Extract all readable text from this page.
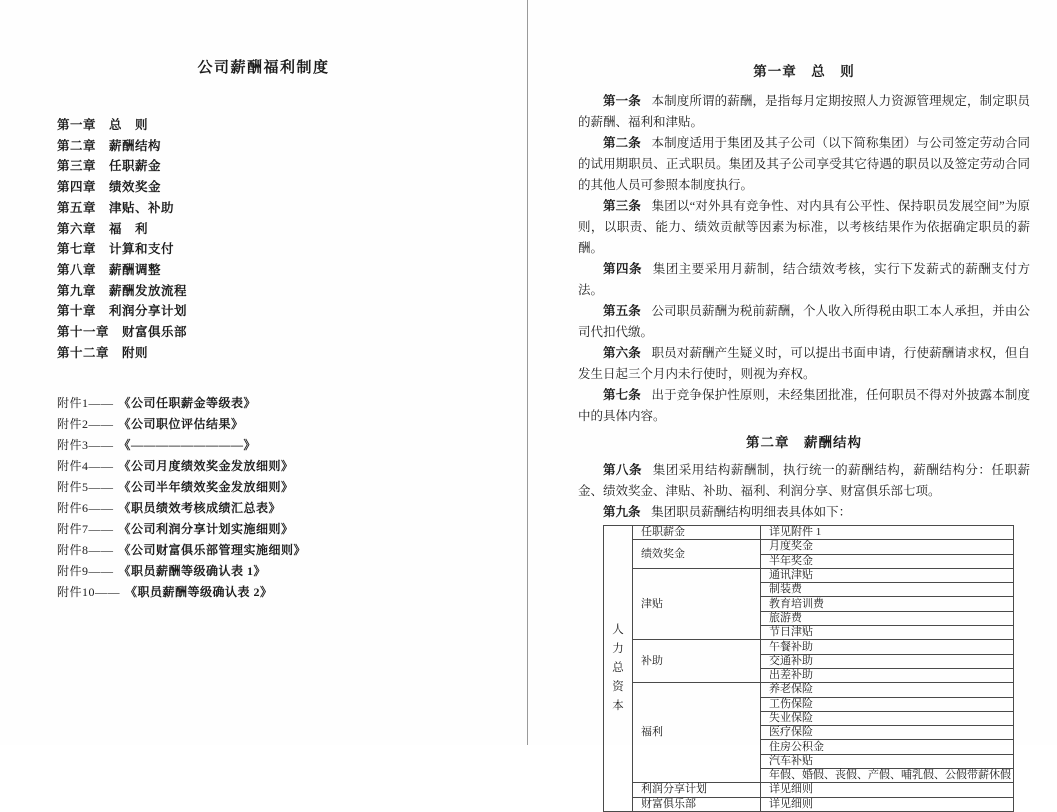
公司薪酬福利制度
第一章　总　则
第二章　薪酬结构
第三章　任职薪金
第四章　绩效奖金
第五章　津贴、补助
第六章　福　利
第七章　计算和支付
第八章　薪酬调整
第九章　薪酬发放流程
第十章　利润分享计划
第十一章　财富俱乐部
第十二章　附则
附件1—— 《公司任职薪金等级表》
附件2—— 《公司职位评估结果》
附件3—— 《—————————》
附件4—— 《公司月度绩效奖金发放细则》
附件5—— 《公司半年绩效奖金发放细则》
附件6—— 《职员绩效考核成绩汇总表》
附件7—— 《公司利润分享计划实施细则》
附件8—— 《公司财富俱乐部管理实施细则》
附件9—— 《职员薪酬等级确认表 1》
附件10—— 《职员薪酬等级确认表 2》
第一章　总　则

第一条 本制度所谓的薪酬，是指每月定期按照人力资源管理规定，制定职员的薪酬、福利和津贴。

第二条 本制度适用于集团及其子公司（以下简称集团）与公司签定劳动合同的试用期职员、正式职员。集团及其子公司享受其它待遇的职员以及签定劳动合同的其他人员可参照本制度执行。

第三条 集团以“对外具有竞争性、对内具有公平性、保持职员发展空间”为原则，以职责、能力、绩效贡献等因素为标准，以考核结果作为依据确定职员的薪酬。

第四条 集团主要采用月薪制，结合绩效考核，实行下发薪式的薪酬支付方法。

第五条 公司职员薪酬为税前薪酬，个人收入所得税由职工本人承担，并由公司代扣代缴。

第六条 职员对薪酬产生疑义时，可以提出书面申请，行使薪酬请求权，但自发生日起三个月内未行使时，则视为弃权。

第七条 出于竞争保护性原则，未经集团批准，任何职员不得对外披露本制度中的具体内容。

第二章　薪酬结构

第八条 集团采用结构薪酬制，执行统一的薪酬结构，薪酬结构分：任职薪金、绩效奖金、津贴、补助、福利、利润分享、财富俱乐部七项。

第九条 集团职员薪酬结构明细表具体如下：

人
力
总
资
本	任职薪金	详见附件 1
	绩效奖金	月度奖金
		半年奖金
	津贴	通讯津贴
		制装费
		教育培训费
		旅游费
		节日津贴
	补助	午餐补助
		交通补助
		出差补助
	福利	养老保险
		工伤保险
		失业保险
		医疗保险
		住房公积金
		汽车补贴
		年假、婚假、丧假、产假、哺乳假、公假带薪休假
	利润分享计划	详见细则
	财富俱乐部	详见细则
